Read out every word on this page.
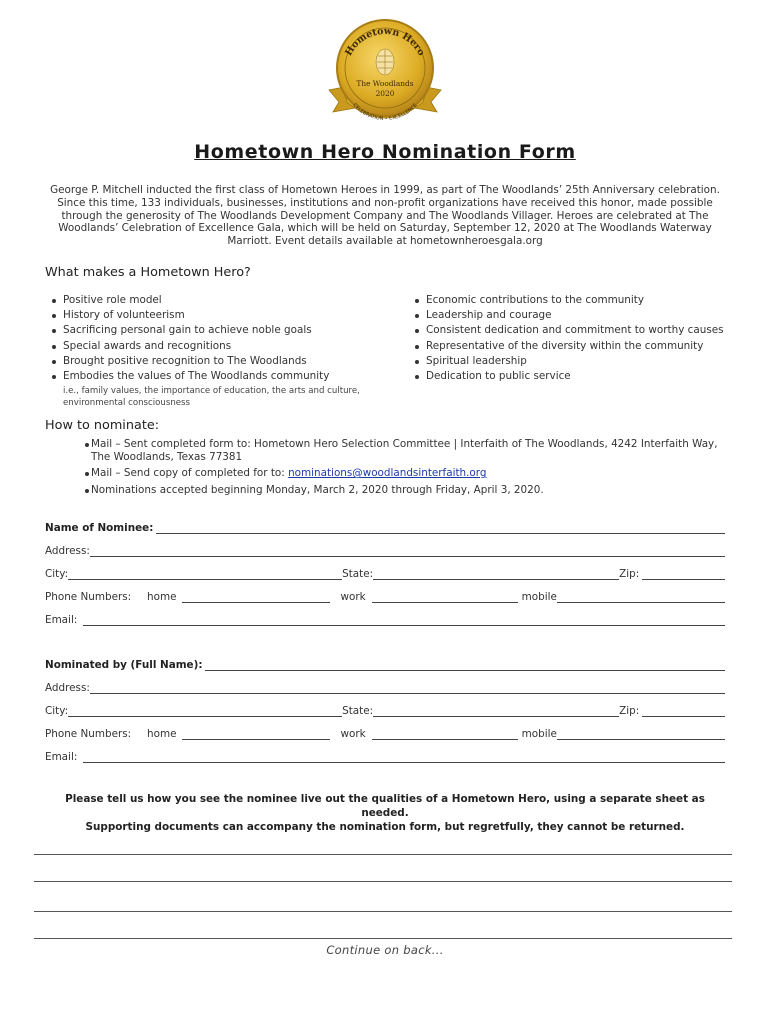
Hometown Hero
The Woodlands
2020
CELEBRATION • EXCELLENCE
Hometown Hero Nomination Form
George P. Mitchell inducted the first class of Hometown Heroes in 1999, as part of The Woodlands’ 25th Anniversary celebration. Since this time, 133 individuals, businesses, institutions and non-profit organizations have received this honor, made possible through the generosity of The Woodlands Development Company and The Woodlands Villager. Heroes are celebrated at The Woodlands’ Celebration of Excellence Gala, which will be held on Saturday, September 12, 2020 at The Woodlands Waterway Marriott. Event details available at hometownheroesgala.org
What makes a Hometown Hero?
Positive role model
History of volunteerism
Sacrificing personal gain to achieve noble goals
Special awards and recognitions
Brought positive recognition to The Woodlands
Embodies the values of The Woodlands community
i.e., family values, the importance of education, the arts and culture, environmental consciousness
Economic contributions to the community
Leadership and courage
Consistent dedication and commitment to worthy causes
Representative of the diversity within the community
Spiritual leadership
Dedication to public service
How to nominate:
Mail – Sent completed form to: Hometown Hero Selection Committee | Interfaith of The Woodlands, 4242 Interfaith Way, The Woodlands, Texas 77381
Mail – Send copy of completed for to: nominations@woodlandsinterfaith.org
Nominations accepted beginning Monday, March 2, 2020 through Friday, April 3, 2020.
Name of Nominee:
Address:
City:	State:	Zip:
Phone Numbers:	home	work	mobile
Email:
Nominated by (Full Name):
Address:
City:	State:	Zip:
Phone Numbers:	home	work	mobile
Email:
Please tell us how you see the nominee live out the qualities of a Hometown Hero, using a separate sheet as needed.
Supporting documents can accompany the nomination form, but regretfully, they cannot be returned.
Continue on back...
